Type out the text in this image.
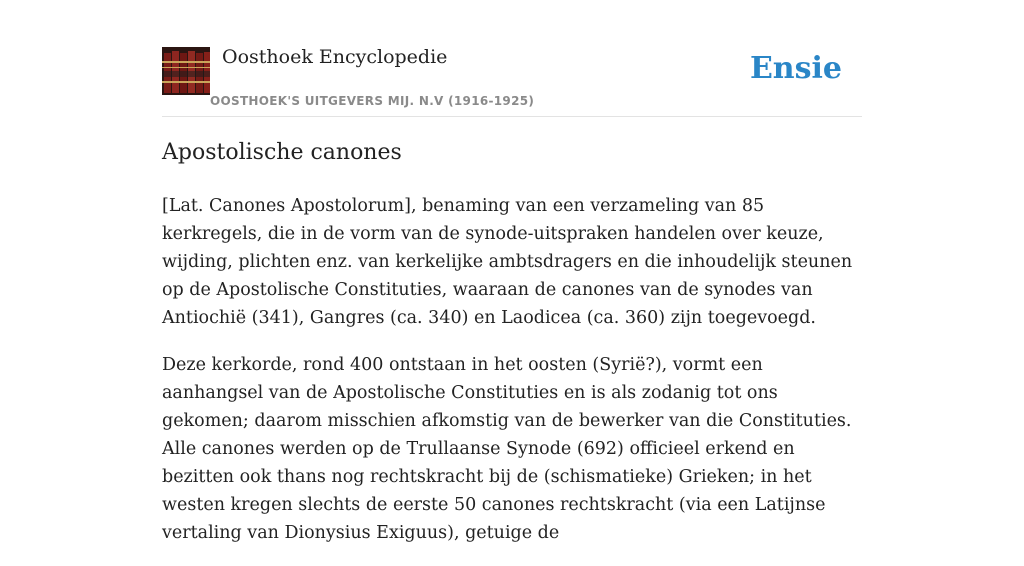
Oosthoek Encyclopedie
OOSTHOEK'S UITGEVERS MIJ. N.V (1916-1925)
Ensie
Apostolische canones

[Lat. Canones Apostolorum], benaming van een verzameling van 85 kerkregels, die in de vorm van de synode-uitspraken handelen over keuze, wijding, plichten enz. van kerkelijke ambtsdragers en die inhoudelijk steunen op de Apostolische Constituties, waaraan de canones van de synodes van Antiochië (341), Gangres (ca. 340) en Laodicea (ca. 360) zijn toegevoegd.

Deze kerkorde, rond 400 ontstaan in het oosten (Syrië?), vormt een aanhangsel van de Apostolische Constituties en is als zodanig tot ons gekomen; daarom misschien afkomstig van de bewerker van die Constituties. Alle canones werden op de Trullaanse Synode (692) officieel erkend en bezitten ook thans nog rechtskracht bij de (schismatieke) Grieken; in het westen kregen slechts de eerste 50 canones rechtskracht (via een Latijnse vertaling van Dionysius Exiguus), getuige de
